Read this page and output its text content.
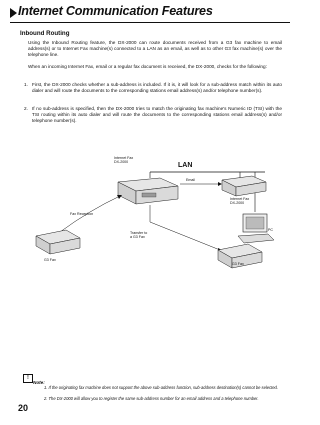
Internet Communication Features
Inbound Routing
Using the Inbound Routing feature, the DX-2000 can route documents received from a G3 fax machine to email address(s) or to Internet Fax machine(s) connected to a LAN as an email, as well as to other G3 fax machine(s) over the telephone line.
When an incoming Internet Fax, email or a regular fax document is received, the DX-2000, checks for the following:
1. First, the DX-2000 checks whether a sub-address is included. If it is, it will look for a sub-address match within its auto dialer and will route the documents to the corresponding stations email address(s) and/or telephone number(s).
2. If no sub-address is specified, then the DX-2000 tries to match the originating fax machine's Numeric ID (TSI) with the TSI routing within its auto dialer and will route the documents to the corresponding stations email address(s) and/or telephone number(s).
Internet Fax
DX-2000	LAN
Email
Internet Fax
DX-2000
Fax Reception
G3 Fax
Transfer to
a G3 Fax
PC
G3 Fax
!
Note:
1. If the originating fax machine does not support the above sub-address function, sub-address destination(s) cannot be selected.
2. The DX-2000 will allow you to register the same sub-address number for an email address and a telephone number.
20
